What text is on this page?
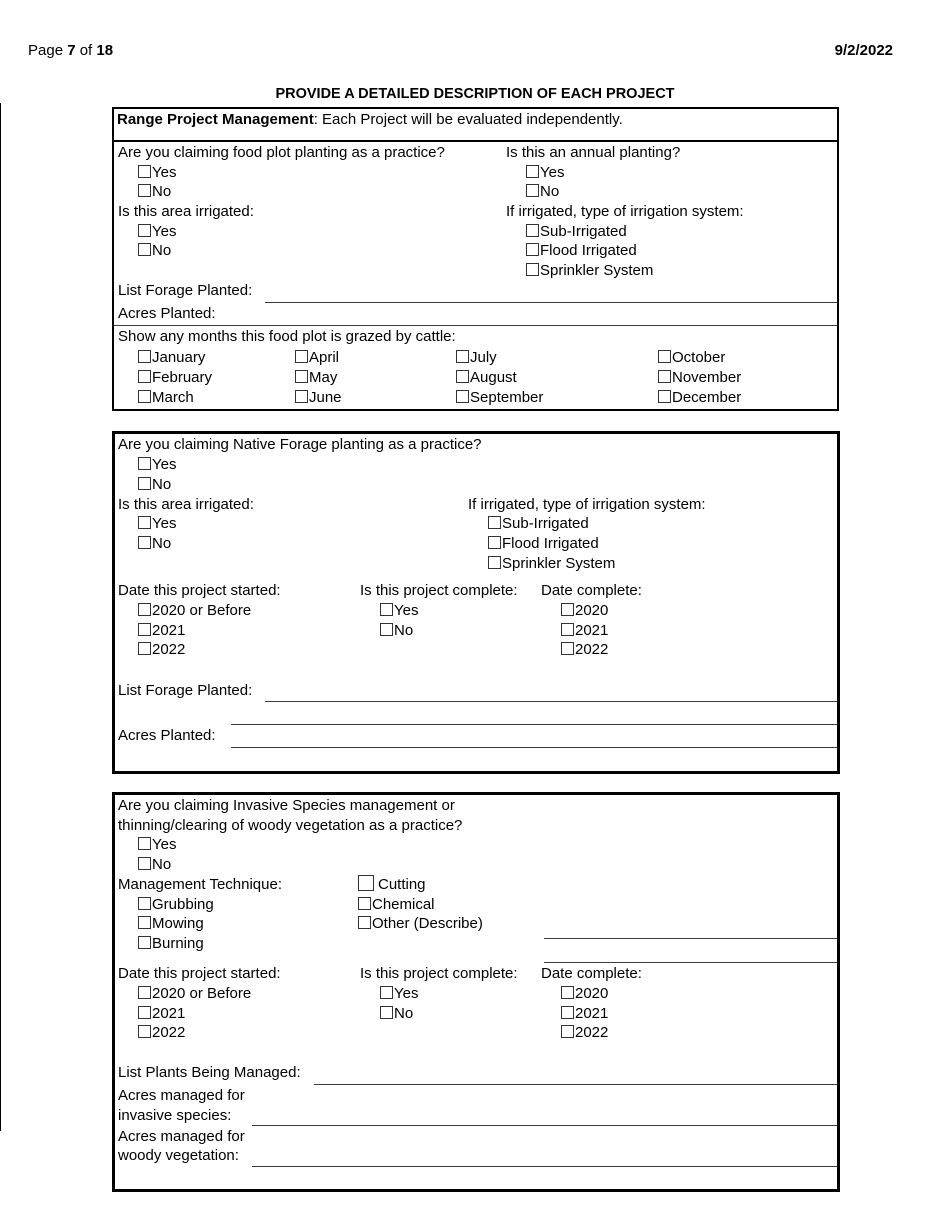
Page 7 of 18	9/2/2022
PROVIDE A DETAILED DESCRIPTION OF EACH PROJECT
Range Project Management: Each Project will be evaluated independently.
Are you claiming food plot planting as a practice?
Yes
No
Is this an annual planting?
Yes
No
Is this area irrigated:
Yes
No
If irrigated, type of irrigation system:
Sub-Irrigated
Flood Irrigated
Sprinkler System
List Forage Planted:
Acres Planted:
Show any months this food plot is grazed by cattle:
January
February
March
April
May
June
July
August
September
October
November
December
Are you claiming Native Forage planting as a practice?
Yes
No
Is this area irrigated:
Yes
No
If irrigated, type of irrigation system:
Sub-Irrigated
Flood Irrigated
Sprinkler System
Date this project started:
2020 or Before
2021
2022
Is this project complete:
Yes
No
Date complete:
2020
2021
2022
List Forage Planted:
Acres Planted:
Are you claiming Invasive Species management or
thinning/clearing of woody vegetation as a practice?
Yes
No
Management Technique:
Grubbing
Mowing
Burning
Cutting
Chemical
Other (Describe)
Date this project started:
2020 or Before
2021
2022
Is this project complete:
Yes
No
Date complete:
2020
2021
2022
List Plants Being Managed:
Acres managed for
invasive species:
Acres managed for
woody vegetation:
